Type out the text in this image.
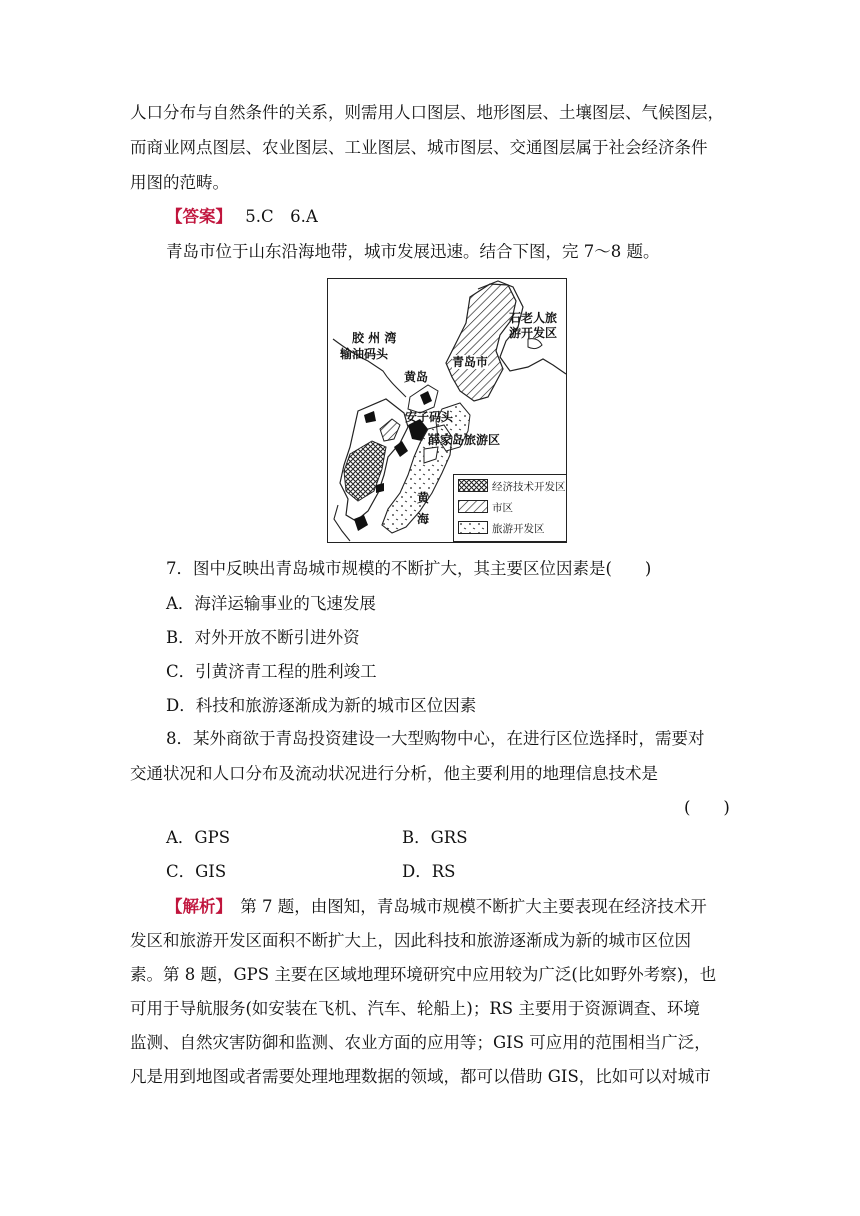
人口分布与自然条件的关系，则需用人口图层、地形图层、土壤图层、气候图层，
而商业网点图层、农业图层、工业图层、城市图层、交通图层属于社会经济条件
用图的范畴。
【答案】 5.C　6.A
青岛市位于山东沿海地带，城市发展迅速。结合下图，完 7～8 题。
胶 州 湾
输油码头
黄岛
安子码头
薛家岛旅游区
青岛市
石老人旅
游开发区
黄
海
经济技术开发区
市区
旅游开发区
7．图中反映出青岛城市规模的不断扩大，其主要区位因素是(　　)
A．海洋运输事业的飞速发展
B．对外开放不断引进外资
C．引黄济青工程的胜利竣工
D．科技和旅游逐渐成为新的城市区位因素
8．某外商欲于青岛投资建设一大型购物中心，在进行区位选择时，需要对
交通状况和人口分布及流动状况进行分析，他主要利用的地理信息技术是
(　　)
A．GPS	B．GRS
C．GIS	D．RS
【解析】　第 7 题，由图知，青岛城市规模不断扩大主要表现在经济技术开
发区和旅游开发区面积不断扩大上，因此科技和旅游逐渐成为新的城市区位因
素。第 8 题，GPS 主要在区域地理环境研究中应用较为广泛(比如野外考察)，也
可用于导航服务(如安装在飞机、汽车、轮船上)；RS 主要用于资源调查、环境
监测、自然灾害防御和监测、农业方面的应用等；GIS 可应用的范围相当广泛，
凡是用到地图或者需要处理地理数据的领域，都可以借助 GIS，比如可以对城市
